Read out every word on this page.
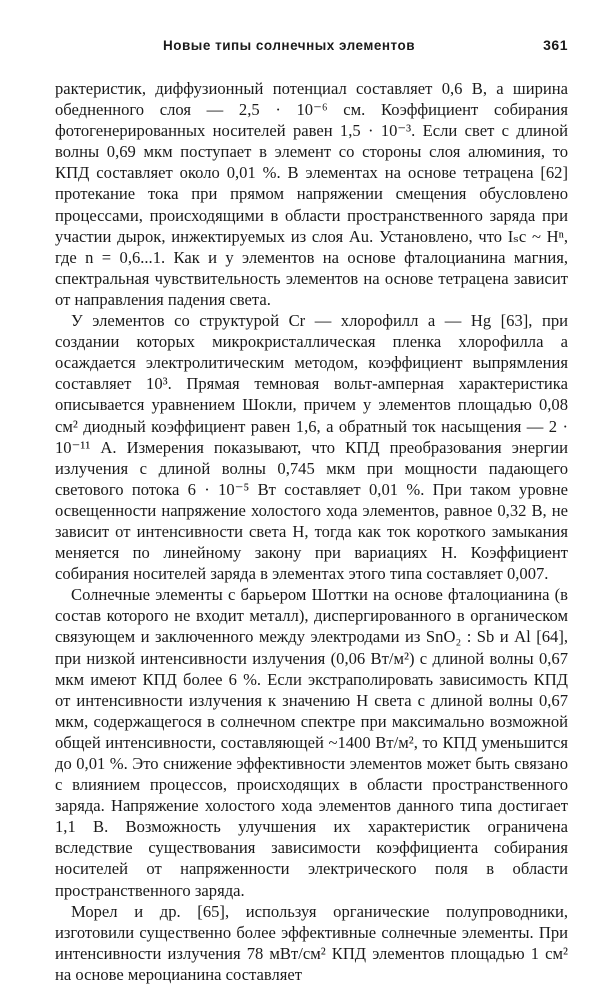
Новые типы солнечных элементов	361

рактеристик, диффузионный потенциал составляет 0,6 В, а ширина обедненного слоя — 2,5 · 10⁻⁶ см. Коэффициент собирания фотогенерированных носителей равен 1,5 · 10⁻³. Если свет с длиной волны 0,69 мкм поступает в элемент со стороны слоя алюминия, то КПД составляет около 0,01 %. В элементах на основе тетрацена [62] протекание тока при прямом напряжении смещения обусловлено процессами, происходящими в области пространственного заряда при участии дырок, инжектируемых из слоя Au. Установлено, что Iₛc ~ Hⁿ, где n = 0,6...1. Как и у элементов на основе фталоцианина магния, спектральная чувствительность элементов на основе тетрацена зависит от направления падения света.

У элементов со структурой Cr — хлорофилл a — Hg [63], при создании которых микрокристаллическая пленка хлорофилла a осаждается электролитическим методом, коэффициент выпрямления составляет 10³. Прямая темновая вольт-амперная характеристика описывается уравнением Шокли, причем у элементов площадью 0,08 см² диодный коэффициент равен 1,6, а обратный ток насыщения — 2 · 10⁻¹¹ А. Измерения показывают, что КПД преобразования энергии излучения с длиной волны 0,745 мкм при мощности падающего светового потока 6 · 10⁻⁵ Вт составляет 0,01 %. При таком уровне освещенности напряжение холостого хода элементов, равное 0,32 В, не зависит от интенсивности света H, тогда как ток короткого замыкания меняется по линейному закону при вариациях H. Коэффициент собирания носителей заряда в элементах этого типа составляет 0,007.

Солнечные элементы с барьером Шоттки на основе фталоцианина (в состав которого не входит металл), диспергированного в органическом связующем и заключенного между электродами из SnO₂ : Sb и Al [64], при низкой интенсивности излучения (0,06 Вт/м²) с длиной волны 0,67 мкм имеют КПД более 6 %. Если экстраполировать зависимость КПД от интенсивности излучения к значению H света с длиной волны 0,67 мкм, содержащегося в солнечном спектре при максимально возможной общей интенсивности, составляющей ~1400 Вт/м², то КПД уменьшится до 0,01 %. Это снижение эффективности элементов может быть связано с влиянием процессов, происходящих в области пространственного заряда. Напряжение холостого хода элементов данного типа достигает 1,1 В. Возможность улучшения их характеристик ограничена вследствие существования зависимости коэффициента собирания носителей от напряженности электрического поля в области пространственного заряда.

Морел и др. [65], используя органические полупроводники, изготовили существенно более эффективные солнечные элементы. При интенсивности излучения 78 мВт/см² КПД элементов площадью 1 см² на основе мероцианина составляет
